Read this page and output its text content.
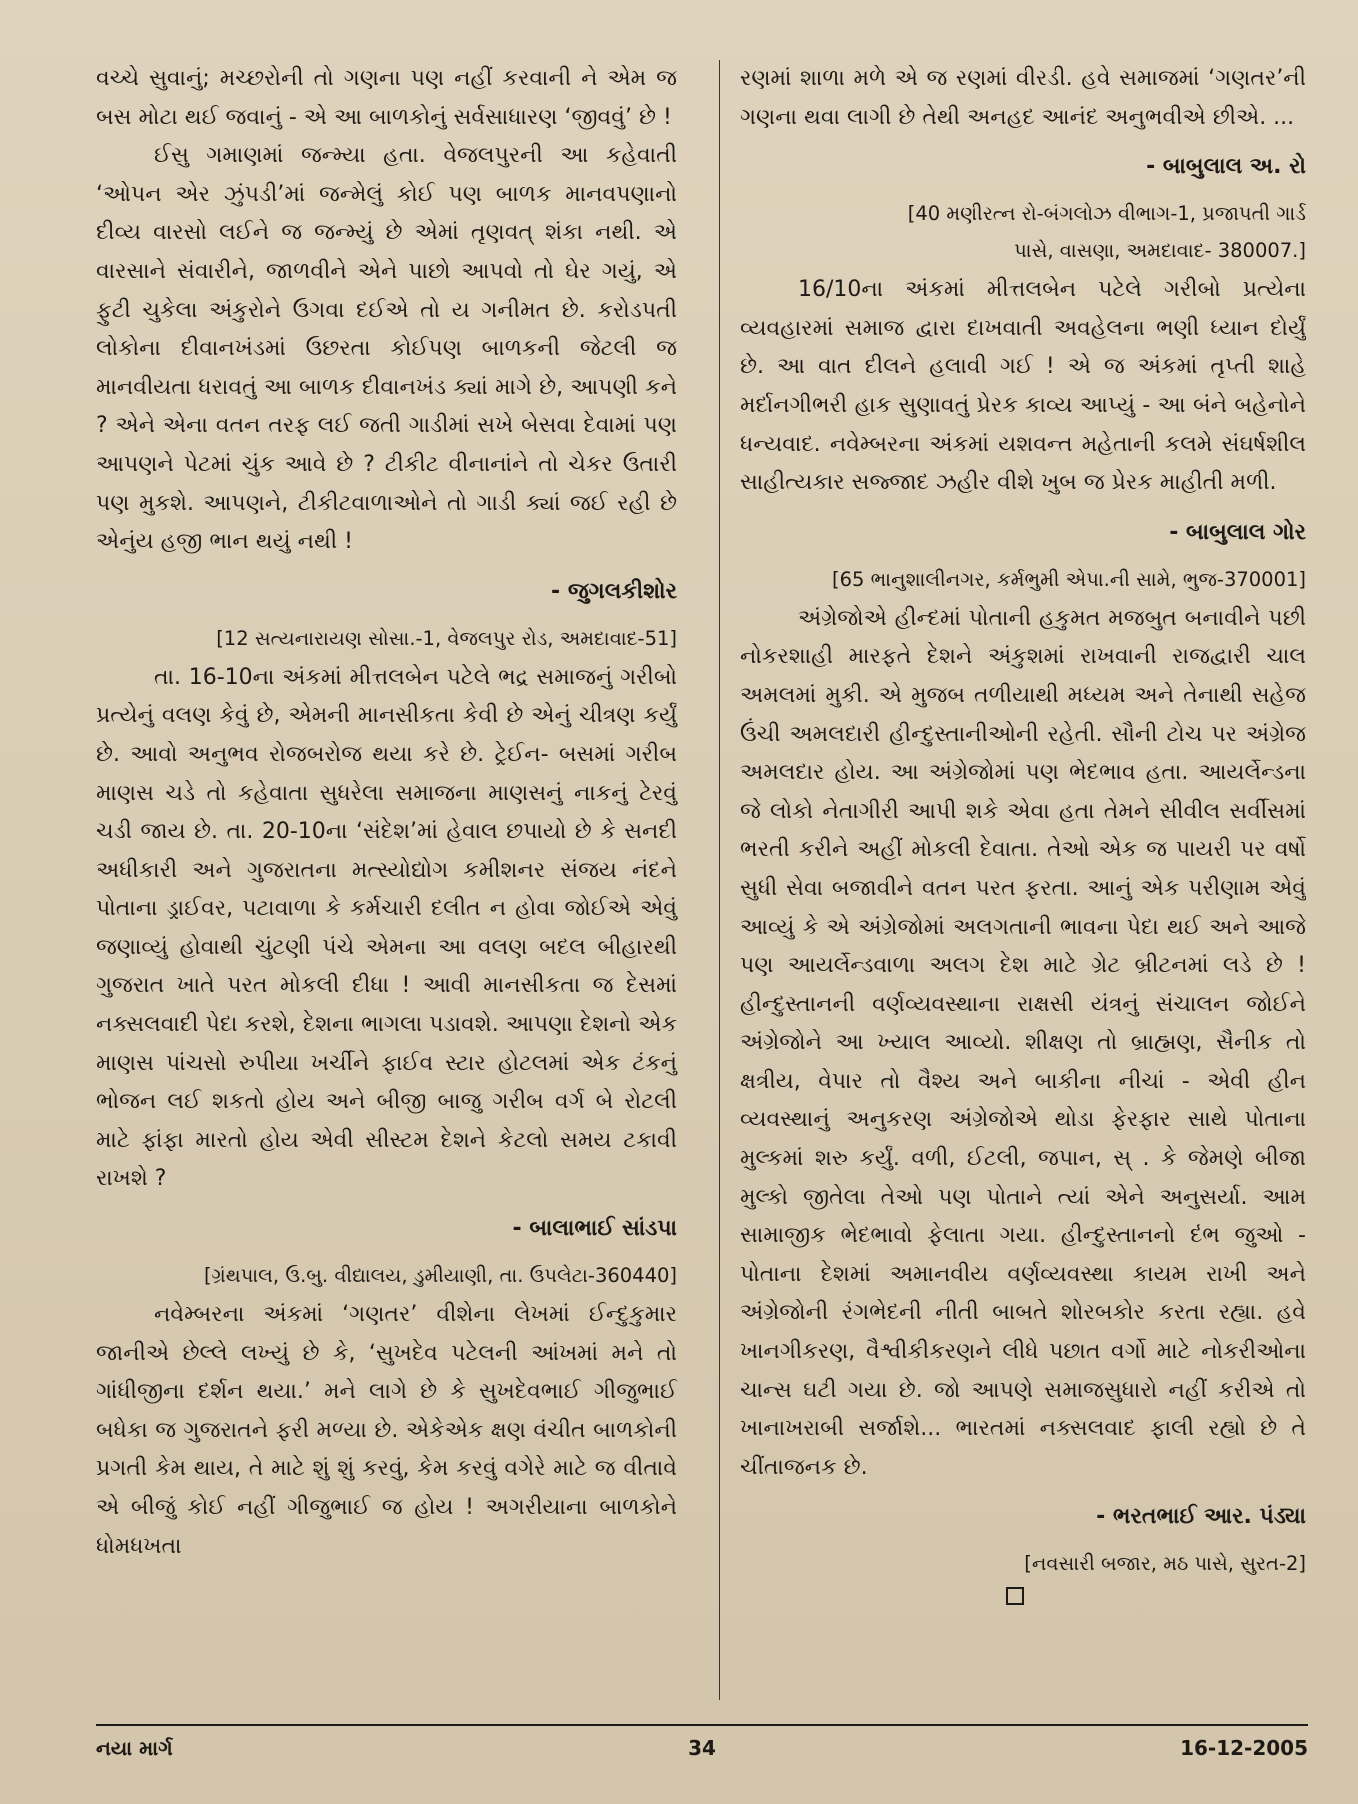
વચ્ચે સુવાનું; મચ્છરોની તો ગણના પણ નહીં કરવાની ને એમ જ બસ મોટા થઈ જવાનું - એ આ બાળકોનું સર્વસાધારણ ‘જીવવું’ છે !

ઈસુ ગમાણમાં જન્મ્યા હતા. વેજલપુરની આ કહેવાતી ‘ઓપન એર ઝુંપડી’માં જન્મેલું કોઈ પણ બાળક માનવપણાનો દીવ્ય વારસો લઈને જ જન્મ્યું છે એમાં તૃણવત્ શંકા નથી. એ વારસાને સંવારીને, જાળવીને એને પાછો આપવો તો ઘેર ગયું, એ ફુટી ચુકેલા અંકુરોને ઉગવા દઈએ તો ય ગનીમત છે. કરોડપતી લોકોના દીવાનખંડમાં ઉછરતા કોઈપણ બાળકની જેટલી જ માનવીયતા ધરાવતું આ બાળક દીવાનખંડ ક્યાં માગે છે, આપણી કને ? એને એના વતન તરફ લઈ જતી ગાડીમાં સખે બેસવા દેવામાં પણ આપણને પેટમાં ચુંક આવે છે ? ટીકીટ વીનાનાંને તો ચેકર ઉતારી પણ મુકશે. આપણને, ટીકીટવાળાઓને તો ગાડી ક્યાં જઈ રહી છે એનુંય હજી ભાન થયું નથી !

- જુગલકીશોર

[12 સત્યનારાયણ સોસા.-1, વેજલપુર રોડ, અમદાવાદ-51]

તા. 16-10ના અંકમાં મીત્તલબેન પટેલે ભદ્ર સમાજનું ગરીબો પ્રત્યેનું વલણ કેવું છે, એમની માનસીકતા કેવી છે એનું ચીત્રણ કર્યું છે. આવો અનુભવ રોજબરોજ થયા કરે છે. ટ્રેઈન- બસમાં ગરીબ માણસ ચડે તો કહેવાતા સુધરેલા સમાજના માણસનું નાકનું ટેરવું ચડી જાય છે. તા. 20-10ના ‘સંદેશ’માં હેવાલ છપાયો છે કે સનદી અધીકારી અને ગુજરાતના મત્સ્યોદ્યોગ કમીશનર સંજય નંદને પોતાના ડ્રાઈવર, પટાવાળા કે કર્મચારી દલીત ન હોવા જોઈએ એવું જણાવ્યું હોવાથી ચુંટણી પંચે એમના આ વલણ બદલ બીહારથી ગુજરાત ખાતે પરત મોકલી દીધા ! આવી માનસીકતા જ દેસમાં નક્સલવાદી પેદા કરશે, દેશના ભાગલા પડાવશે. આપણા દેશનો એક માણસ પાંચસો રુપીયા ખર્ચીને ફાઈવ સ્ટાર હોટલમાં એક ટંકનું ભોજન લઈ શકતો હોય અને બીજી બાજુ ગરીબ વર્ગ બે રોટલી માટે ફાંફા મારતો હોય એવી સીસ્ટમ દેશને કેટલો સમય ટકાવી રાખશે ?

- બાલાભાઈ સાંડપા

[ગ્રંથપાલ, ઉ.બુ. વીદ્યાલય, ડુમીયાણી, તા. ઉપલેટા-360440]

નવેમ્બરના અંકમાં ‘ગણતર’ વીશેના લેખમાં ઈન્દુકુમાર જાનીએ છેલ્લે લખ્યું છે કે, ‘સુખદેવ પટેલની આંખમાં મને તો ગાંધીજીના દર્શન થયા.’ મને લાગે છે કે સુખદેવભાઈ ગીજુભાઈ બધેકા જ ગુજરાતને ફરી મળ્યા છે. એકેએક ક્ષણ વંચીત બાળકોની પ્રગતી કેમ થાય, તે માટે શું શું કરવું, કેમ કરવું વગેરે માટે જ વીતાવે એ બીજું કોઈ નહીં ગીજુભાઈ જ હોય ! અગરીયાના બાળકોને ધોમધખતા

રણમાં શાળા મળે એ જ રણમાં વીરડી. હવે સમાજમાં ‘ગણતર’ની ગણના થવા લાગી છે તેથી અનહદ આનંદ અનુભવીએ છીએ. ...

- બાબુલાલ અ. રો

[40 મણીરત્ન રો-બંગલોઝ વીભાગ-1, પ્રજાપતી ગાર્ડ

પાસે, વાસણા, અમદાવાદ- 380007.]

16/10ના અંકમાં મીત્તલબેન પટેલે ગરીબો પ્રત્યેના વ્યવહારમાં સમાજ દ્વારા દાખવાતી અવહેલના ભણી ધ્યાન દોર્યું છે. આ વાત દીલને હલાવી ગઈ ! એ જ અંકમાં તૃપ્તી શાહે મર્દાનગીભરી હાક સુણાવતું પ્રેરક કાવ્ય આપ્યું - આ બંને બહેનોને ધન્યવાદ. નવેમ્બરના અંકમાં યશવન્ત મહેતાની કલમે સંઘર્ષશીલ સાહીત્યકાર સજ્જાદ ઝહીર વીશે ખુબ જ પ્રેરક માહીતી મળી.

- બાબુલાલ ગોર

[65 ભાનુશાલીનગર, કર્મભુમી એપા.ની સામે, ભુજ-370001]

અંગ્રેજોએ હીન્દમાં પોતાની હકુમત મજબુત બનાવીને પછી નોકરશાહી મારફતે દેશને અંકુશમાં રાખવાની રાજદ્વારી ચાલ અમલમાં મુકી. એ મુજબ તળીયાથી મધ્યમ અને તેનાથી સહેજ ઉંચી અમલદારી હીન્દુસ્તાનીઓની રહેતી. સૌની ટોચ પર અંગ્રેજ અમલદાર હોય. આ અંગ્રેજોમાં પણ ભેદભાવ હતા. આયર્લેન્ડના જે લોકો નેતાગીરી આપી શકે એવા હતા તેમને સીવીલ સર્વીસમાં ભરતી કરીને અહીં મોકલી દેવાતા. તેઓ એક જ પાયરી પર વર્ષો સુધી સેવા બજાવીને વતન પરત ફરતા. આનું એક પરીણામ એવું આવ્યું કે એ અંગ્રેજોમાં અલગતાની ભાવના પેદા થઈ અને આજે પણ આયર્લેન્ડવાળા અલગ દેશ માટે ગ્રેટ બ્રીટનમાં લડે છે ! હીન્દુસ્તાનની વર્ણવ્યવસ્થાના રાક્ષસી યંત્રનું સંચાલન જોઈને અંગ્રેજોને આ ખ્યાલ આવ્યો. શીક્ષણ તો બ્રાહ્મણ, સૈનીક તો ક્ષત્રીય, વેપાર તો વૈશ્ય અને બાકીના નીચાં - એવી હીન વ્યવસ્થાનું અનુકરણ અંગ્રેજોએ થોડા ફેરફાર સાથે પોતાના મુલ્કમાં શરુ કર્યું. વળી, ઈટલી, જપાન, સ્ . કે જેમણે બીજા મુલ્કો જીતેલા તેઓ પણ પોતાને ત્યાં એને અનુસર્યા. આમ સામાજીક ભેદભાવો ફેલાતા ગયા. હીન્દુસ્તાનનો દંભ જુઓ - પોતાના દેશમાં અમાનવીય વર્ણવ્યવસ્થા કાયમ રાખી અને અંગ્રેજોની રંગભેદની નીતી બાબતે શોરબકોર કરતા રહ્યા. હવે ખાનગીકરણ, વૈશ્વીકીકરણને લીધે પછાત વર્ગો માટે નોકરીઓના ચાન્સ ઘટી ગયા છે. જો આપણે સમાજસુધારો નહીં કરીએ તો ખાનાખરાબી સર્જાશે... ભારતમાં નક્સલવાદ ફાલી રહ્યો છે તે ચીંતાજનક છે.

- ભરતભાઈ આર. પંડ્યા

[નવસારી બજાર, મઠ પાસે, સુરત-2]

નયા માર્ગ	34	16-12-2005
